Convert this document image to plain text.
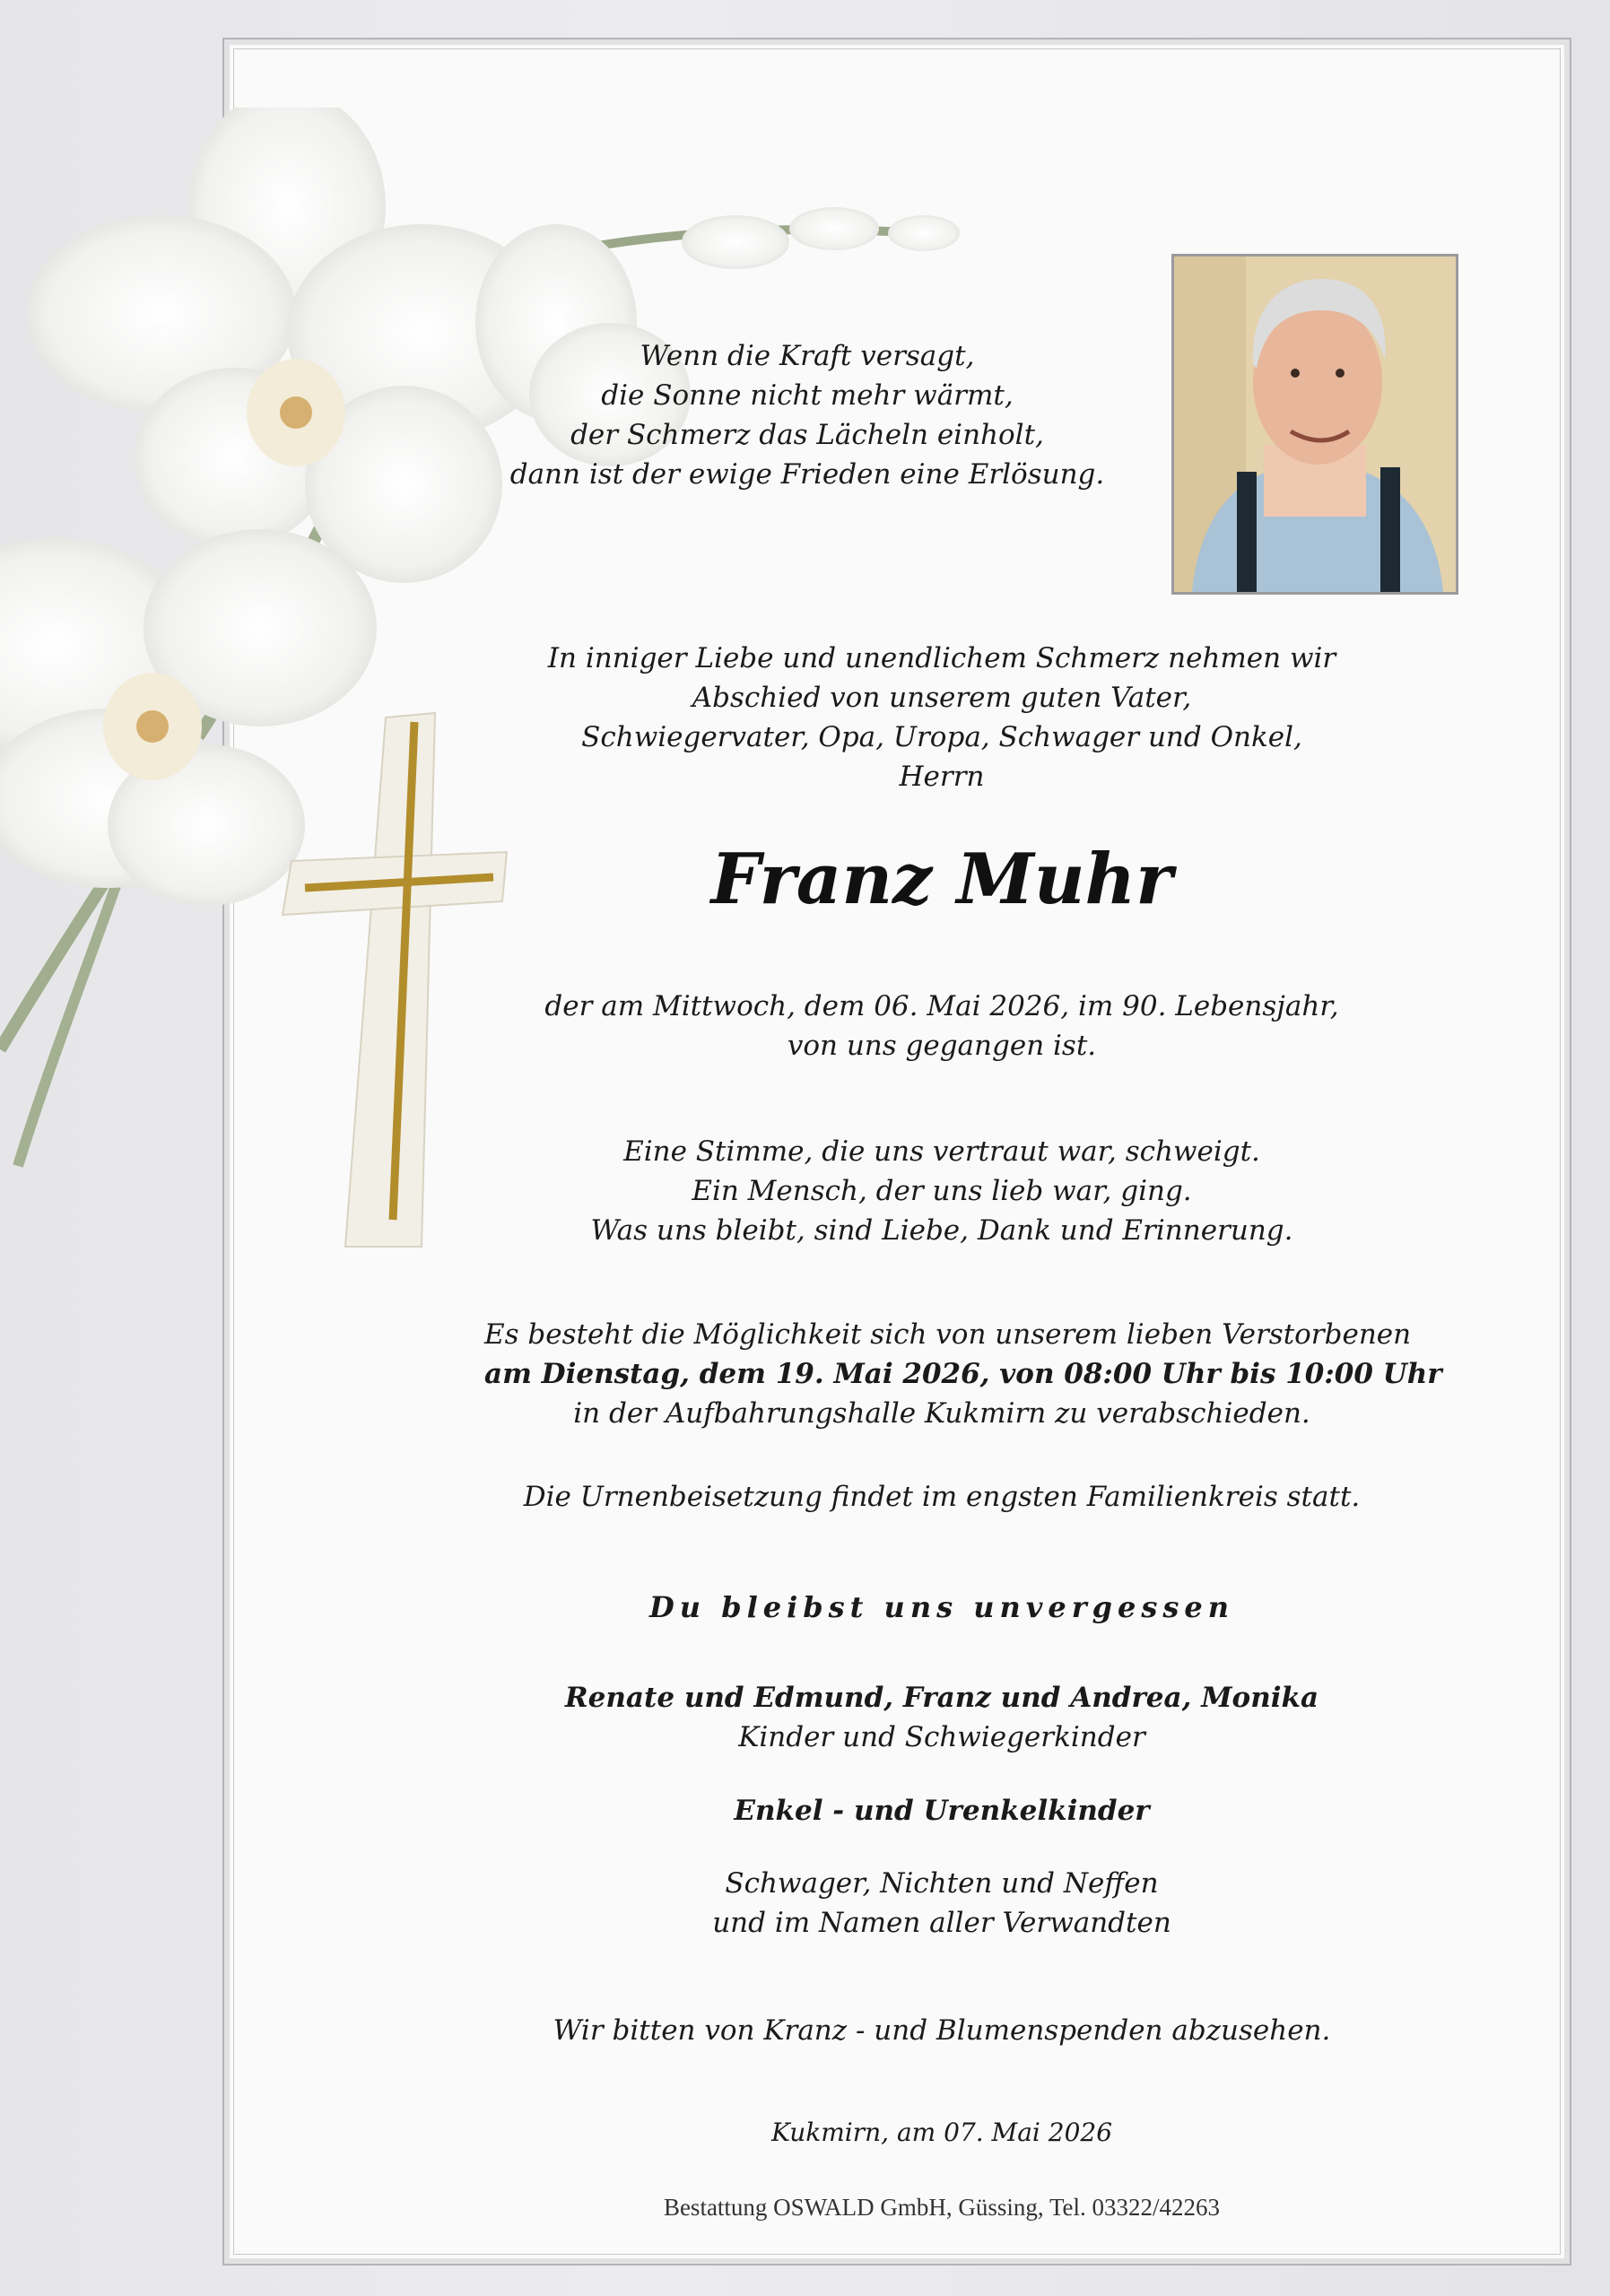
Wenn die Kraft versagt,
die Sonne nicht mehr wärmt,
der Schmerz das Lächeln einholt,
dann ist der ewige Frieden eine Erlösung.
In inniger Liebe und unendlichem Schmerz nehmen wir
Abschied von unserem guten Vater,
Schwiegervater, Opa, Uropa, Schwager und Onkel,
Herrn
Franz Muhr
der am Mittwoch, dem 06. Mai 2026, im 90. Lebensjahr,
von uns gegangen ist.
Eine Stimme, die uns vertraut war, schweigt.
Ein Mensch, der uns lieb war, ging.
Was uns bleibt, sind Liebe, Dank und Erinnerung.
Es besteht die Möglichkeit sich von unserem lieben Verstorbenen
am Dienstag, dem 19. Mai 2026, von 08:00 Uhr bis 10:00 Uhr
in der Aufbahrungshalle Kukmirn zu verabschieden.
Die Urnenbeisetzung findet im engsten Familienkreis statt.
Du bleibst uns unvergessen
Renate und Edmund, Franz und Andrea, Monika
Kinder und Schwiegerkinder
Enkel - und Urenkelkinder
Schwager, Nichten und Neffen
und im Namen aller Verwandten
Wir bitten von Kranz - und Blumenspenden abzusehen.
Kukmirn, am 07. Mai 2026
Bestattung OSWALD GmbH, Güssing, Tel. 03322/42263
